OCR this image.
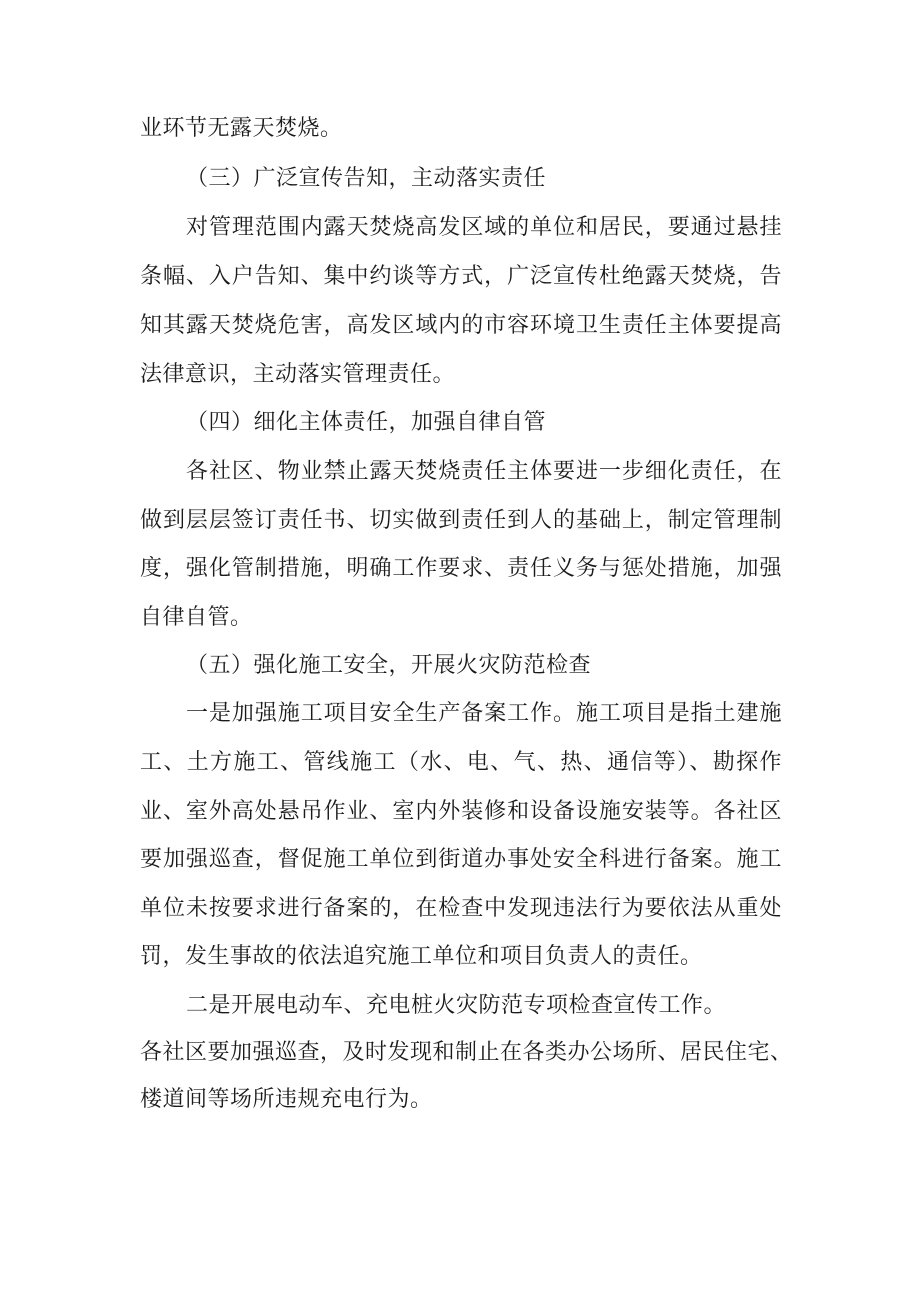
业环节无露天焚烧。
（三）广泛宣传告知，主动落实责任
对管理范围内露天焚烧高发区域的单位和居民，要通过悬挂
条幅、入户告知、集中约谈等方式，广泛宣传杜绝露天焚烧，告
知其露天焚烧危害，高发区域内的市容环境卫生责任主体要提高
法律意识，主动落实管理责任。
（四）细化主体责任，加强自律自管
各社区、物业禁止露天焚烧责任主体要进一步细化责任，在
做到层层签订责任书、切实做到责任到人的基础上，制定管理制
度，强化管制措施，明确工作要求、责任义务与惩处措施，加强
自律自管。
（五）强化施工安全，开展火灾防范检查
一是加强施工项目安全生产备案工作。施工项目是指土建施
工、土方施工、管线施工（水、电、气、热、通信等）、勘探作
业、室外高处悬吊作业、室内外装修和设备设施安装等。各社区
要加强巡查，督促施工单位到街道办事处安全科进行备案。施工
单位未按要求进行备案的，在检查中发现违法行为要依法从重处
罚，发生事故的依法追究施工单位和项目负责人的责任。
二是开展电动车、充电桩火灾防范专项检查宣传工作。
各社区要加强巡查，及时发现和制止在各类办公场所、居民住宅、
楼道间等场所违规充电行为。
